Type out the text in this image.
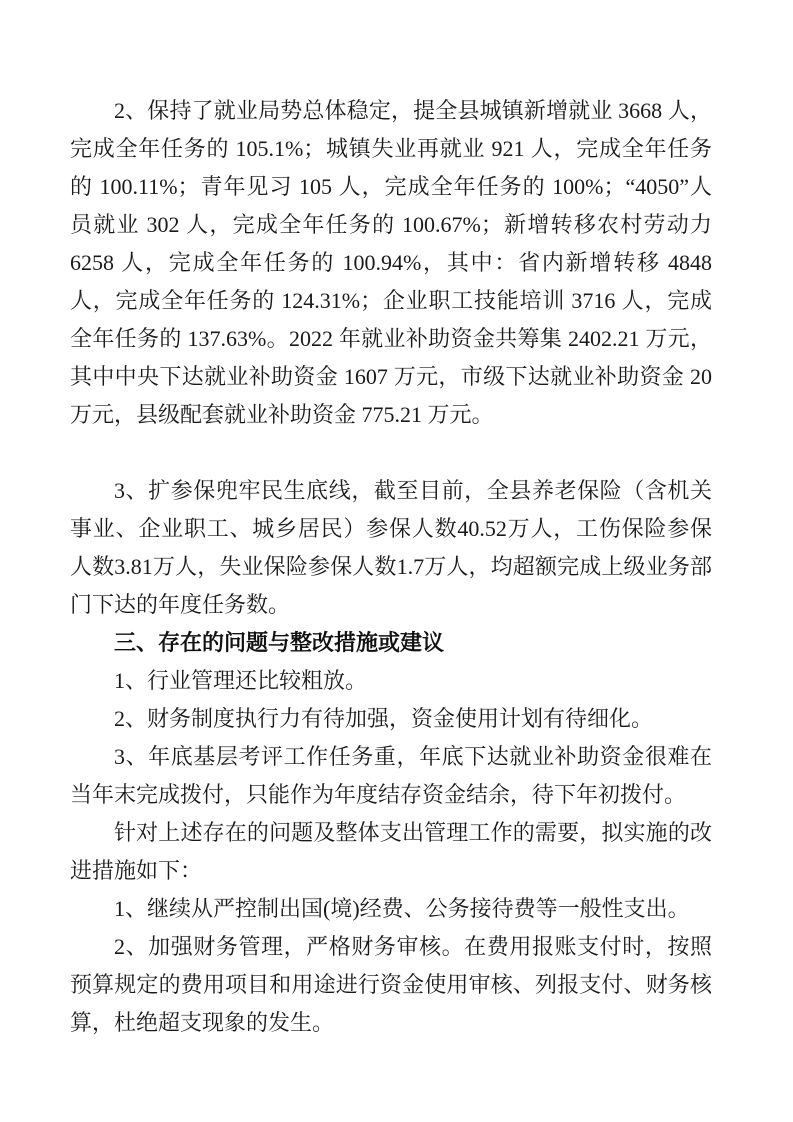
2、保持了就业局势总体稳定，提全县城镇新增就业 3668 人，完成全年任务的 105.1%；城镇失业再就业 921 人，完成全年任务的 100.11%；青年见习 105 人，完成全年任务的 100%；“4050”人员就业 302 人，完成全年任务的 100.67%；新增转移农村劳动力 6258 人，完成全年任务的 100.94%，其中：省内新增转移 4848 人，完成全年任务的 124.31%；企业职工技能培训 3716 人，完成全年任务的 137.63%。2022 年就业补助资金共筹集 2402.21 万元，其中中央下达就业补助资金 1607 万元，市级下达就业补助资金 20 万元，县级配套就业补助资金 775.21 万元。

3、扩参保兜牢民生底线，截至目前，全县养老保险（含机关事业、企业职工、城乡居民）参保人数40.52万人，工伤保险参保人数3.81万人，失业保险参保人数1.7万人，均超额完成上级业务部门下达的年度任务数。

三、存在的问题与整改措施或建议

1、行业管理还比较粗放。

2、财务制度执行力有待加强，资金使用计划有待细化。

3、年底基层考评工作任务重，年底下达就业补助资金很难在当年末完成拨付，只能作为年度结存资金结余，待下年初拨付。

针对上述存在的问题及整体支出管理工作的需要，拟实施的改进措施如下：

1、继续从严控制出国(境)经费、公务接待费等一般性支出。

2、加强财务管理，严格财务审核。在费用报账支付时，按照预算规定的费用项目和用途进行资金使用审核、列报支付、财务核算，杜绝超支现象的发生。
